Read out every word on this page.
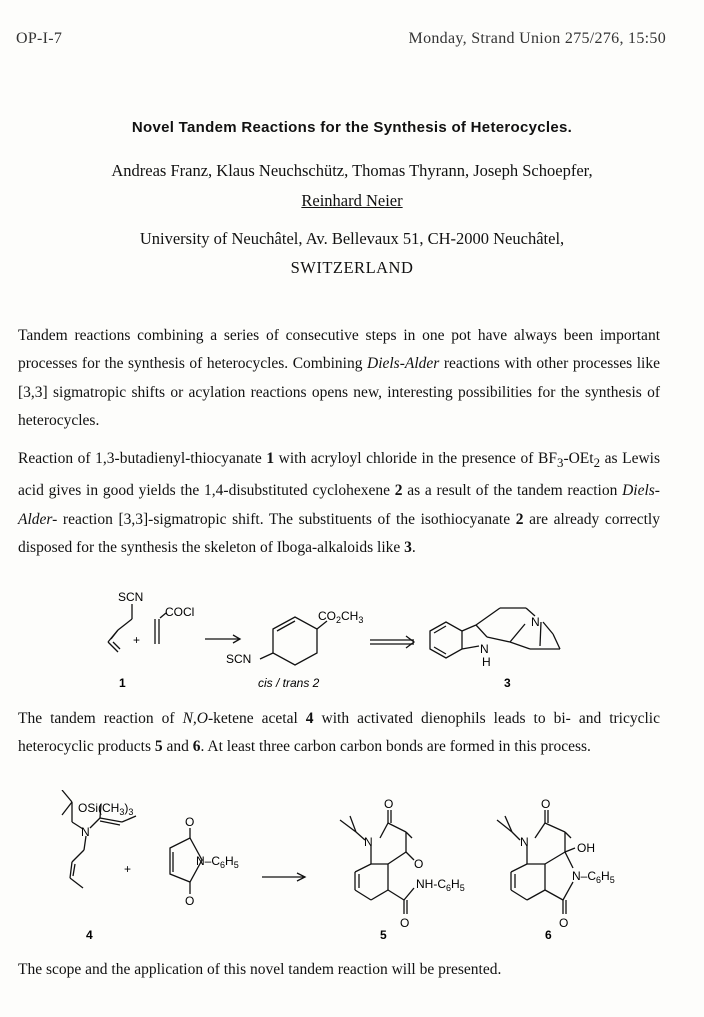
OP-I-7	Monday, Strand Union 275/276, 15:50
Novel Tandem Reactions for the Synthesis of Heterocycles.
Andreas Franz, Klaus Neuchschütz, Thomas Thyrann, Joseph Schoepfer,
Reinhard Neier
University of Neuchâtel, Av. Bellevaux 51, CH-2000 Neuchâtel,
SWITZERLAND

Tandem reactions combining a series of consecutive steps in one pot have always been important processes for the synthesis of heterocycles. Combining Diels-Alder reactions with other processes like [3,3] sigmatropic shifts or acylation reactions opens new, interesting possibilities for the synthesis of heterocycles.

Reaction of 1,3-butadienyl-thiocyanate 1 with acryloyl chloride in the presence of $BF_3-OEt_2$ as Lewis acid gives in good yields the 1,4-disubstituted cyclohexene 2 as a result of the tandem reaction Diels-Alder- reaction [3,3]-sigmatropic shift. The substituents of the isothiocyanate 2 are already correctly disposed for the synthesis the skeleton of Iboga-alkaloids like 3.

SCN
+
COCl	$CO_2CH_3$
SCN
N
H
N
1	cis / trans 2	3

The tandem reaction of N,O-ketene acetal 4 with activated dienophils leads to bi- and tricyclic heterocyclic products 5 and 6. At least three carbon carbon bonds are formed in this process.

$OSi(CH_3)_3$
N
+
O
O
$N-C_6H_5$
O
N
O
$NH-C_6H_5$
O
O
N	OH
$N-C_6H_5$
O
4	5	6

The scope and the application of this novel tandem reaction will be presented.
